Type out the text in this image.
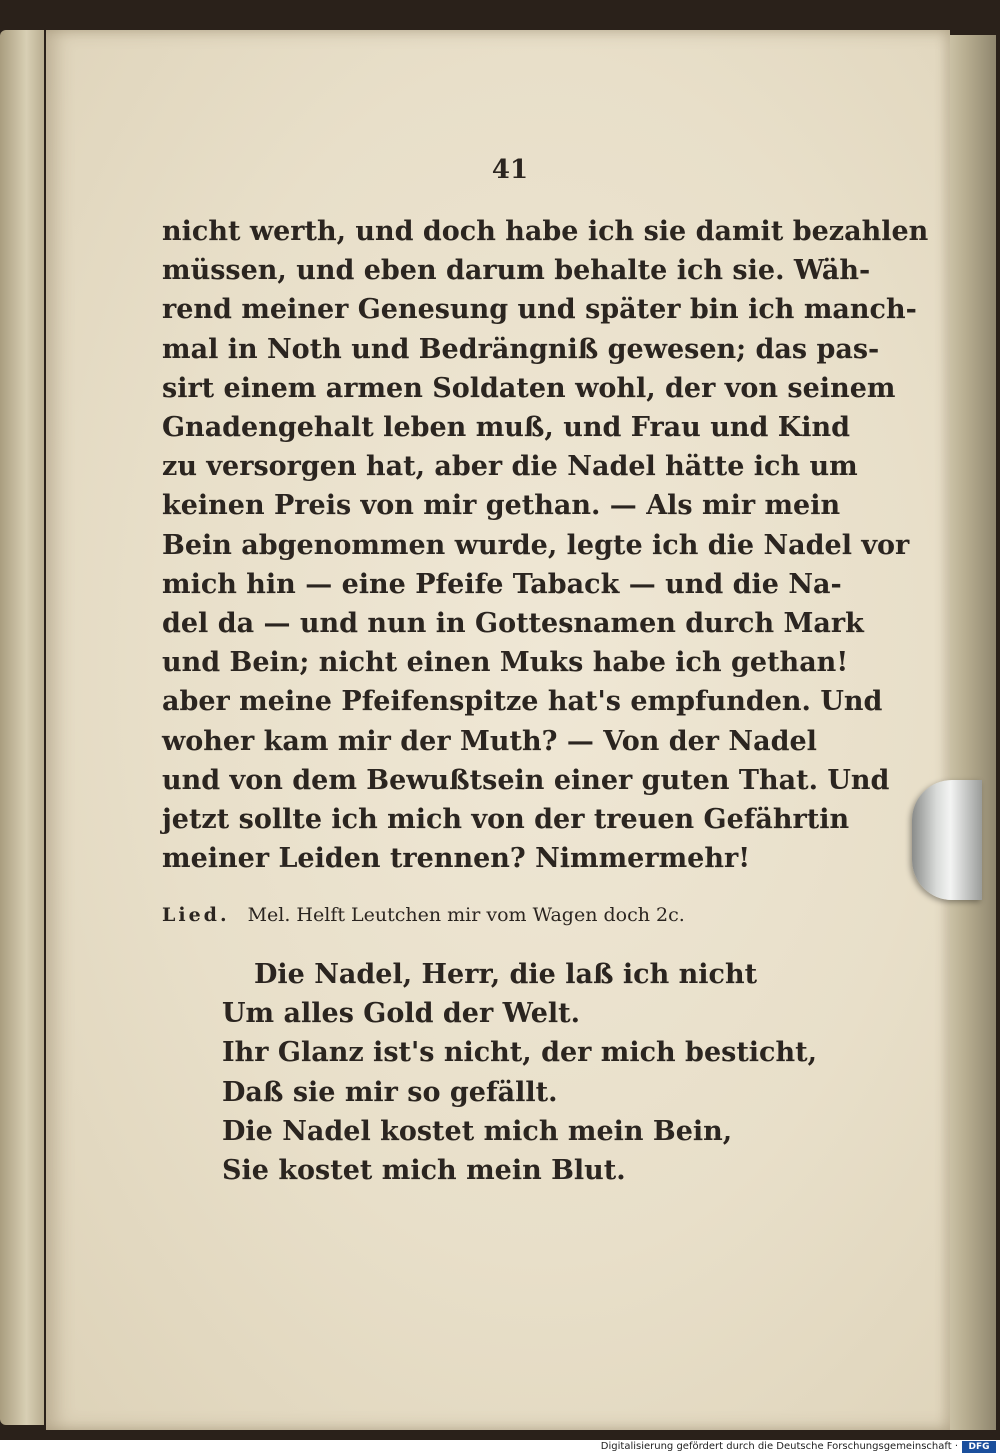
41
nicht werth, und doch habe ich sie damit bezahlen
müssen, und eben darum behalte ich sie. Wäh-
rend meiner Genesung und später bin ich manch-
mal in Noth und Bedrängniß gewesen; das pas-
sirt einem armen Soldaten wohl, der von seinem
Gnadengehalt leben muß, und Frau und Kind
zu versorgen hat, aber die Nadel hätte ich um
keinen Preis von mir gethan. — Als mir mein
Bein abgenommen wurde, legte ich die Nadel vor
mich hin — eine Pfeife Taback — und die Na-
del da — und nun in Gottesnamen durch Mark
und Bein; nicht einen Muks habe ich gethan!
aber meine Pfeifenspitze hat's empfunden. Und
woher kam mir der Muth? — Von der Nadel
und von dem Bewußtsein einer guten That. Und
jetzt sollte ich mich von der treuen Gefährtin
meiner Leiden trennen? Nimmermehr!
Lied. Mel. Helft Leutchen mir vom Wagen doch 2c.
Die Nadel, Herr, die laß ich nicht
Um alles Gold der Welt.
Ihr Glanz ist's nicht, der mich besticht,
Daß sie mir so gefällt.
Die Nadel kostet mich mein Bein,
Sie kostet mich mein Blut.
Digitalisierung gefördert durch die Deutsche Forschungsgemeinschaft ·	DFG
